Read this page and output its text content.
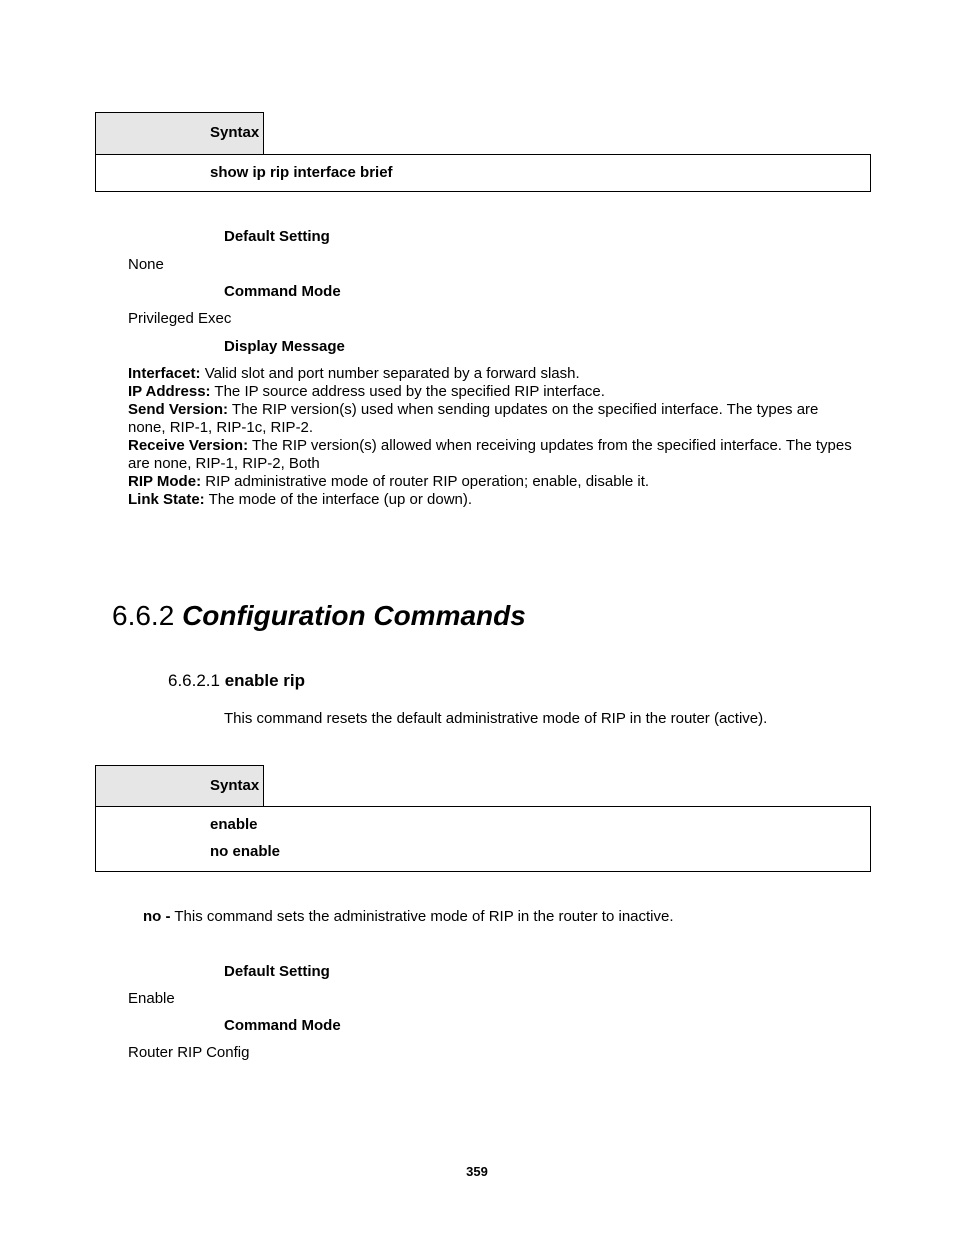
Syntax
show ip rip interface brief
Default Setting
None
Command Mode
Privileged Exec
Display Message
Interfacet: Valid slot and port number separated by a forward slash.
IP Address: The IP source address used by the specified RIP interface.
Send Version: The RIP version(s) used when sending updates on the specified interface. The types are none, RIP-1, RIP-1c, RIP-2.
Receive Version: The RIP version(s) allowed when receiving updates from the specified interface. The types are none, RIP-1, RIP-2, Both
RIP Mode: RIP administrative mode of router RIP operation; enable, disable it.
Link State: The mode of the interface (up or down).
6.6.2 Configuration Commands
6.6.2.1 enable rip
This command resets the default administrative mode of RIP in the router (active).
Syntax
enable
no enable
no - This command sets the administrative mode of RIP in the router to inactive.
Default Setting
Enable
Command Mode
Router RIP Config
359
